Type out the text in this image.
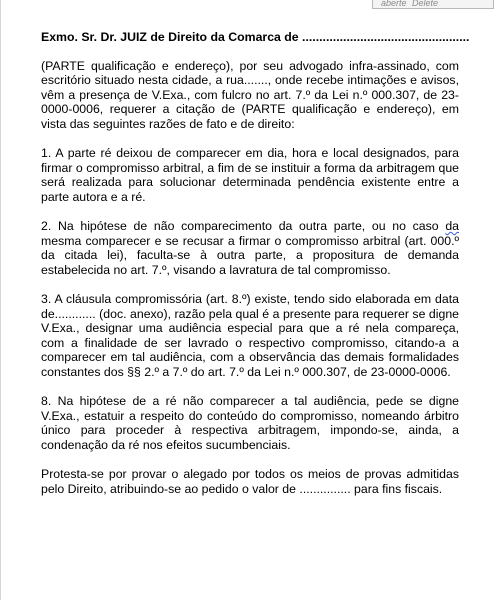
aberte Delete

Exmo. Sr. Dr. JUIZ de Direito da Comarca de .................................................

(PARTE qualificação e endereço), por seu advogado infra-assinado, com escritório situado nesta cidade, a rua......., onde recebe intimações e avisos, vêm a presença de V.Exa., com fulcro no art. 7.º da Lei n.º 000.307, de 23-0000-0006, requerer a citação de (PARTE qualificação e endereço), em vista das seguintes razões de fato e de direito:

1. A parte ré deixou de comparecer em dia, hora e local designados, para firmar o compromisso arbitral, a fim de se instituir a forma da arbitragem que será realizada para solucionar determinada pendência existente entre a parte autora e a ré.

2. Na hipótese de não comparecimento da outra parte, ou no caso da mesma comparecer e se recusar a firmar o compromisso arbitral (art. 000.º da citada lei), faculta-se à outra parte, a propositura de demanda estabelecida no art. 7.º, visando a lavratura de tal compromisso.

3. A cláusula compromissória (art. 8.º) existe, tendo sido elaborada em data de............ (doc. anexo), razão pela qual é a presente para requerer se digne V.Exa., designar uma audiência especial para que a ré nela compareça, com a finalidade de ser lavrado o respectivo compromisso, citando-a a comparecer em tal audiência, com a observância das demais formalidades constantes dos §§ 2.º a 7.º do art. 7.º da Lei n.º 000.307, de 23-0000-0006.

8. Na hipótese de a ré não comparecer a tal audiência, pede se digne V.Exa., estatuir a respeito do conteúdo do compromisso, nomeando árbitro único para proceder à respectiva arbitragem, impondo-se, ainda, a condenação da ré nos efeitos sucumbenciais.

Protesta-se por provar o alegado por todos os meios de provas admitidas pelo Direito, atribuindo-se ao pedido o valor de ............... para fins fiscais.
